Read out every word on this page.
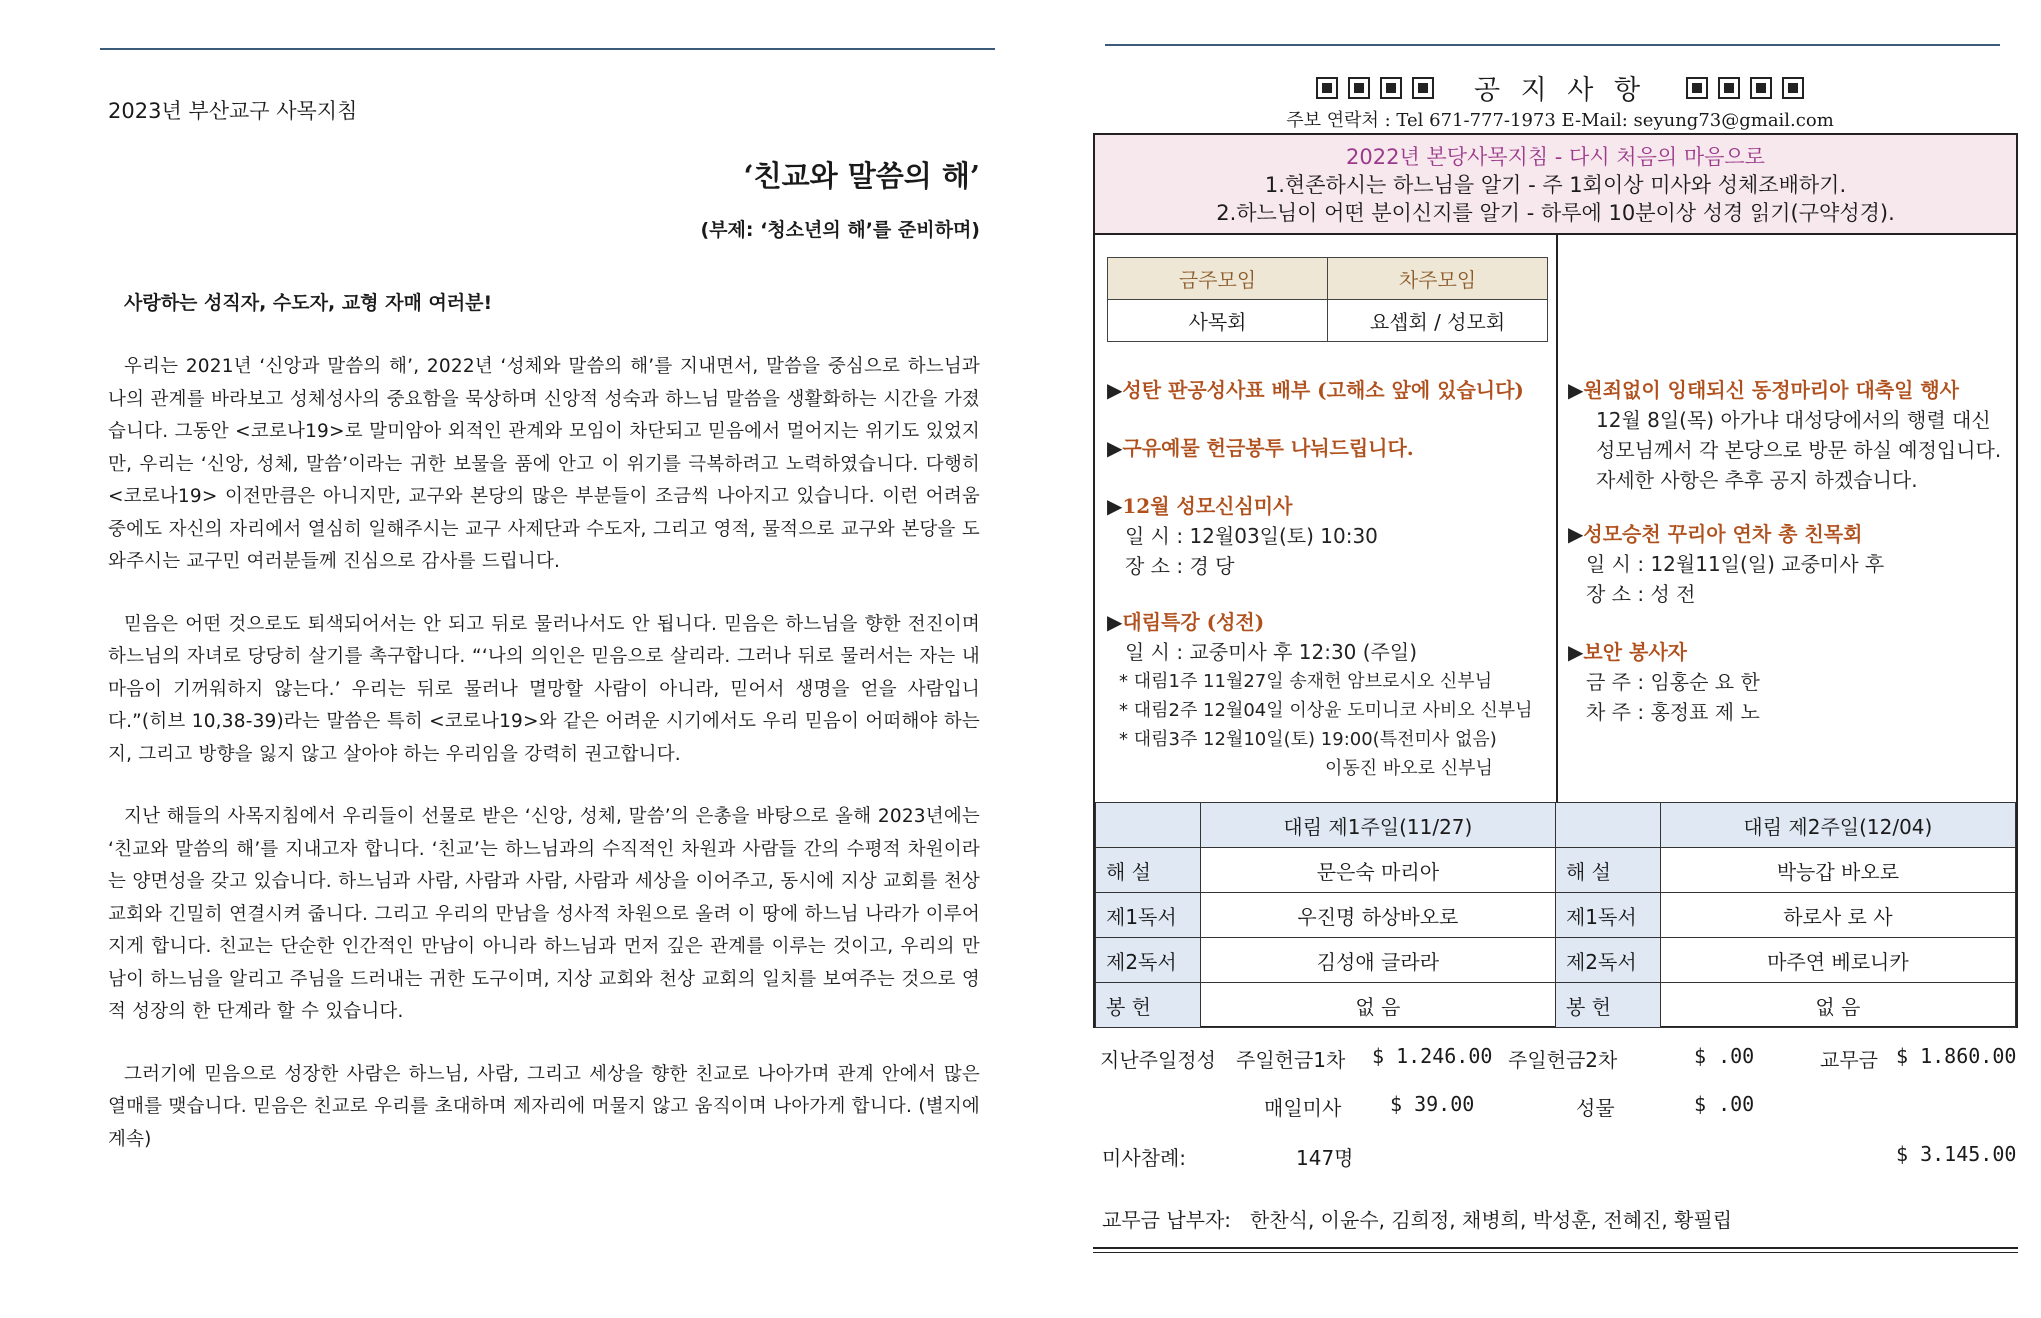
2023년 부산교구 사목지침
‘친교와 말씀의 해’
(부제: ‘청소년의 해’를 준비하며)
사랑하는 성직자, 수도자, 교형 자매 여러분!

우리는 2021년 ‘신앙과 말씀의 해’, 2022년 ‘성체와 말씀의 해’를 지내면서, 말씀을 중심으로 하느님과 나의 관계를 바라보고 성체성사의 중요함을 묵상하며 신앙적 성숙과 하느님 말씀을 생활화하는 시간을 가졌습니다. 그동안 <코로나19>로 말미암아 외적인 관계와 모임이 차단되고 믿음에서 멀어지는 위기도 있었지만, 우리는 ‘신앙, 성체, 말씀’이라는 귀한 보물을 품에 안고 이 위기를 극복하려고 노력하였습니다. 다행히 <코로나19> 이전만큼은 아니지만, 교구와 본당의 많은 부분들이 조금씩 나아지고 있습니다. 이런 어려움 중에도 자신의 자리에서 열심히 일해주시는 교구 사제단과 수도자, 그리고 영적, 물적으로 교구와 본당을 도와주시는 교구민 여러분들께 진심으로 감사를 드립니다.

믿음은 어떤 것으로도 퇴색되어서는 안 되고 뒤로 물러나서도 안 됩니다. 믿음은 하느님을 향한 전진이며 하느님의 자녀로 당당히 살기를 촉구합니다. “‘나의 의인은 믿음으로 살리라. 그러나 뒤로 물러서는 자는 내 마음이 기꺼워하지 않는다.’ 우리는 뒤로 물러나 멸망할 사람이 아니라, 믿어서 생명을 얻을 사람입니다.”(히브 10,38-39)라는 말씀은 특히 <코로나19>와 같은 어려운 시기에서도 우리 믿음이 어떠해야 하는지, 그리고 방향을 잃지 않고 살아야 하는 우리임을 강력히 권고합니다.

지난 해들의 사목지침에서 우리들이 선물로 받은 ‘신앙, 성체, 말씀’의 은총을 바탕으로 올해 2023년에는 ‘친교와 말씀의 해’를 지내고자 합니다. ‘친교’는 하느님과의 수직적인 차원과 사람들 간의 수평적 차원이라는 양면성을 갖고 있습니다. 하느님과 사람, 사람과 사람, 사람과 세상을 이어주고, 동시에 지상 교회를 천상 교회와 긴밀히 연결시켜 줍니다. 그리고 우리의 만남을 성사적 차원으로 올려 이 땅에 하느님 나라가 이루어지게 합니다. 친교는 단순한 인간적인 만남이 아니라 하느님과 먼저 깊은 관계를 이루는 것이고, 우리의 만남이 하느님을 알리고 주님을 드러내는 귀한 도구이며, 지상 교회와 천상 교회의 일치를 보여주는 것으로 영적 성장의 한 단계라 할 수 있습니다.

그러기에 믿음으로 성장한 사람은 하느님, 사람, 그리고 세상을 향한 친교로 나아가며 관계 안에서 많은 열매를 맺습니다. 믿음은 친교로 우리를 초대하며 제자리에 머물지 않고 움직이며 나아가게 합니다. (별지에 계속)

공 지 사 항
주보 연락처 : Tel 671-777-1973 E-Mail: seyung73@gmail.com
2022년 본당사목지침 - 다시 처음의 마음으로
1.현존하시는 하느님을 알기 - 주 1회이상 미사와 성체조배하기.
2.하느님이 어떤 분이신지를 알기 - 하루에 10분이상 성경 읽기(구약성경).
금주모임	차주모임
사목회	요셉회 / 성모회
▶성탄 판공성사표 배부 (고해소 앞에 있습니다)
▶구유예물 헌금봉투 나눠드립니다.
▶12월 성모신심미사
일 시 : 12월03일(토) 10:30
장 소 : 경 당
▶대림특강 (성전)
일 시 : 교중미사 후 12:30 (주일)
* 대림1주 11월27일 송재헌 암브로시오 신부님
* 대림2주 12월04일 이상윤 도미니코 사비오 신부님
* 대림3주 12월10일(토) 19:00(특전미사 없음)
이동진 바오로 신부님
▶원죄없이 잉태되신 동정마리아 대축일 행사
12월 8일(목) 아가냐 대성당에서의 행렬 대신
성모님께서 각 본당으로 방문 하실 예정입니다.
자세한 사항은 추후 공지 하겠습니다.
▶성모승천 꾸리아 연차 총 친목회
일 시 : 12월11일(일) 교중미사 후
장 소 : 성 전
▶보안 봉사자
금 주 : 임홍순 요 한
차 주 : 홍정표 제 노
	대림 제1주일(11/27)		대림 제2주일(12/04)
해 설	문은숙 마리아	해 설	박능갑 바오로
제1독서	우진명 하상바오로	제1독서	하로사 로 사
제2독서	김성애 글라라	제2독서	마주연 베로니카
봉 헌	없 음	봉 헌	없 음
지난주일정성 주일헌금1차 $ 1.246.00 주일헌금2차	$ .00	교무금 $ 1.860.00
매일미사 $ 39.00	성물	$ .00
미사참례:	147명	$ 3.145.00
교무금 납부자: 한찬식, 이윤수, 김희정, 채병희, 박성훈, 전혜진, 황필립
